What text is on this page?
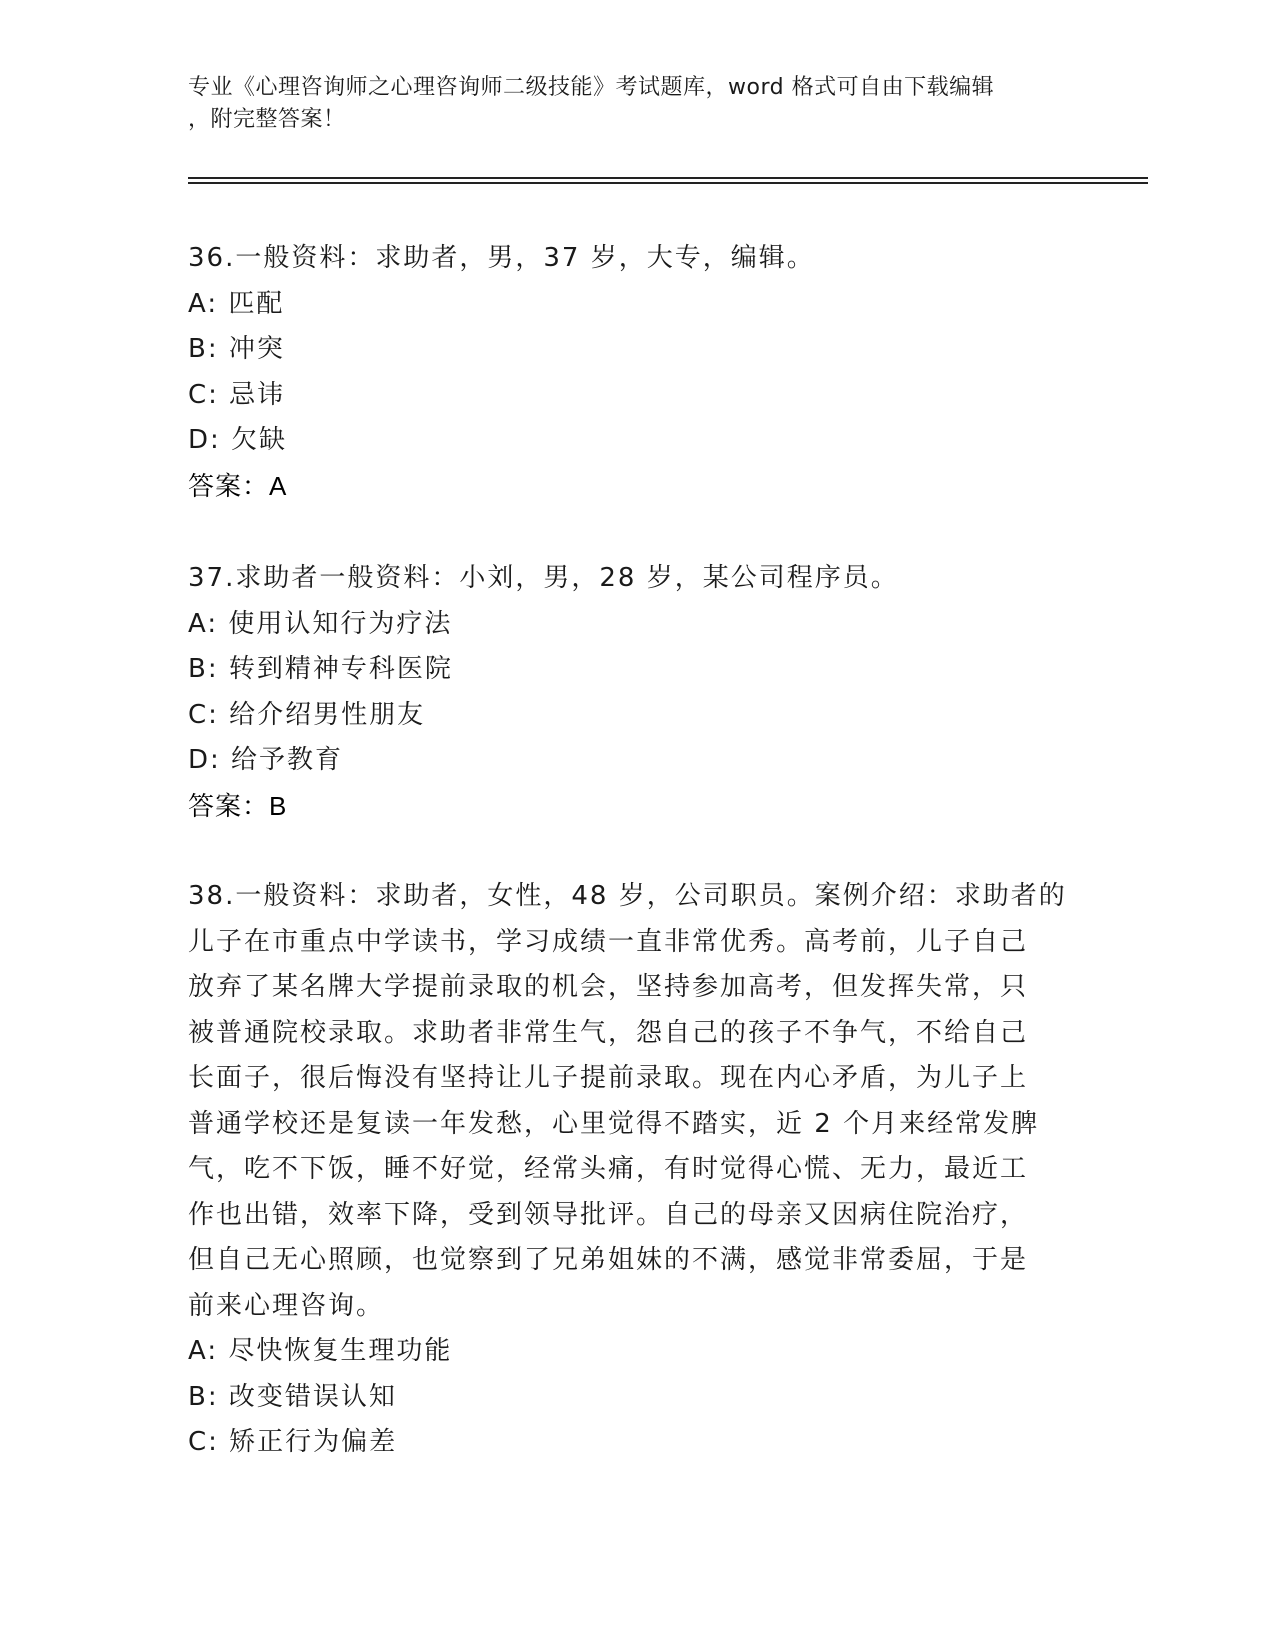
专业《心理咨询师之心理咨询师二级技能》考试题库，word 格式可自由下载编辑
，附完整答案！
36.一般资料：求助者，男，37 岁，大专，编辑。
A: 匹配
B: 冲突
C: 忌讳
D: 欠缺
答案：A
37.求助者一般资料：小刘，男，28 岁，某公司程序员。
A: 使用认知行为疗法
B: 转到精神专科医院
C: 给介绍男性朋友
D: 给予教育
答案：B
38.一般资料：求助者，女性，48 岁，公司职员。案例介绍：求助者的
儿子在市重点中学读书，学习成绩一直非常优秀。高考前，儿子自己
放弃了某名牌大学提前录取的机会，坚持参加高考，但发挥失常，只
被普通院校录取。求助者非常生气，怨自己的孩子不争气，不给自己
长面子，很后悔没有坚持让儿子提前录取。现在内心矛盾，为儿子上
普通学校还是复读一年发愁，心里觉得不踏实，近 2 个月来经常发脾
气，吃不下饭，睡不好觉，经常头痛，有时觉得心慌、无力，最近工
作也出错，效率下降，受到领导批评。自己的母亲又因病住院治疗，
但自己无心照顾，也觉察到了兄弟姐妹的不满，感觉非常委屈，于是
前来心理咨询。
A: 尽快恢复生理功能
B: 改变错误认知
C: 矫正行为偏差
